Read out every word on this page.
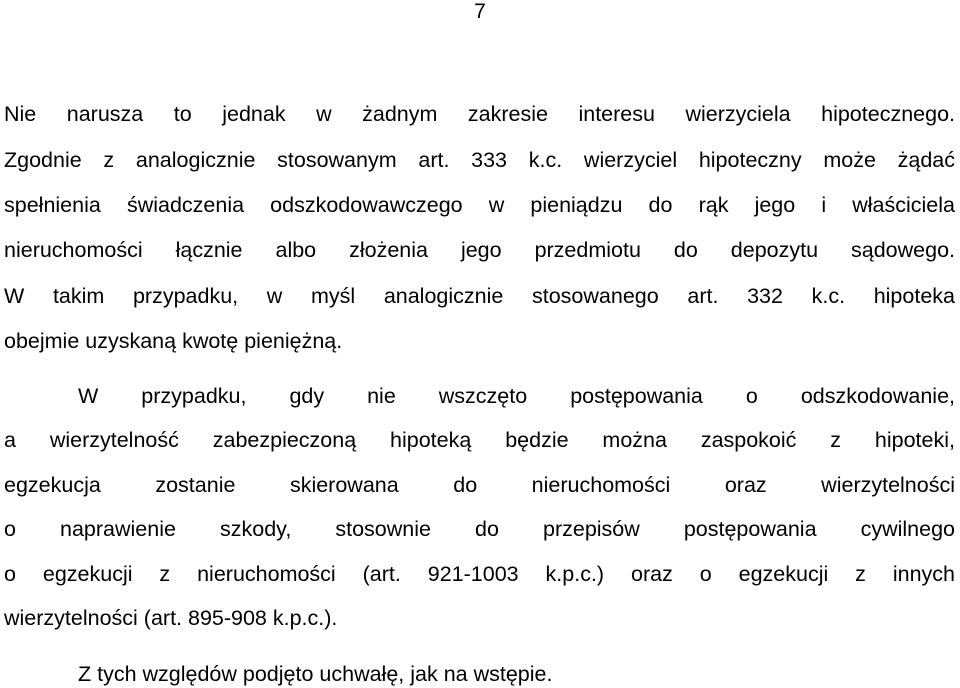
7
Nie narusza to jednak w żadnym zakresie interesu wierzyciela hipotecznego.
Zgodnie z analogicznie stosowanym art. 333 k.c. wierzyciel hipoteczny może żądać
spełnienia świadczenia odszkodowawczego w pieniądzu do rąk jego i właściciela
nieruchomości łącznie albo złożenia jego przedmiotu do depozytu sądowego.
W takim przypadku, w myśl analogicznie stosowanego art. 332 k.c. hipoteka
obejmie uzyskaną kwotę pieniężną.
W przypadku, gdy nie wszczęto postępowania o odszkodowanie,
a wierzytelność zabezpieczoną hipoteką będzie można zaspokoić z hipoteki,
egzekucja zostanie skierowana do nieruchomości oraz wierzytelności
o naprawienie szkody, stosownie do przepisów postępowania cywilnego
o egzekucji z nieruchomości (art. 921-1003 k.p.c.) oraz o egzekucji z innych
wierzytelności (art. 895-908 k.p.c.).
Z tych względów podjęto uchwałę, jak na wstępie.
